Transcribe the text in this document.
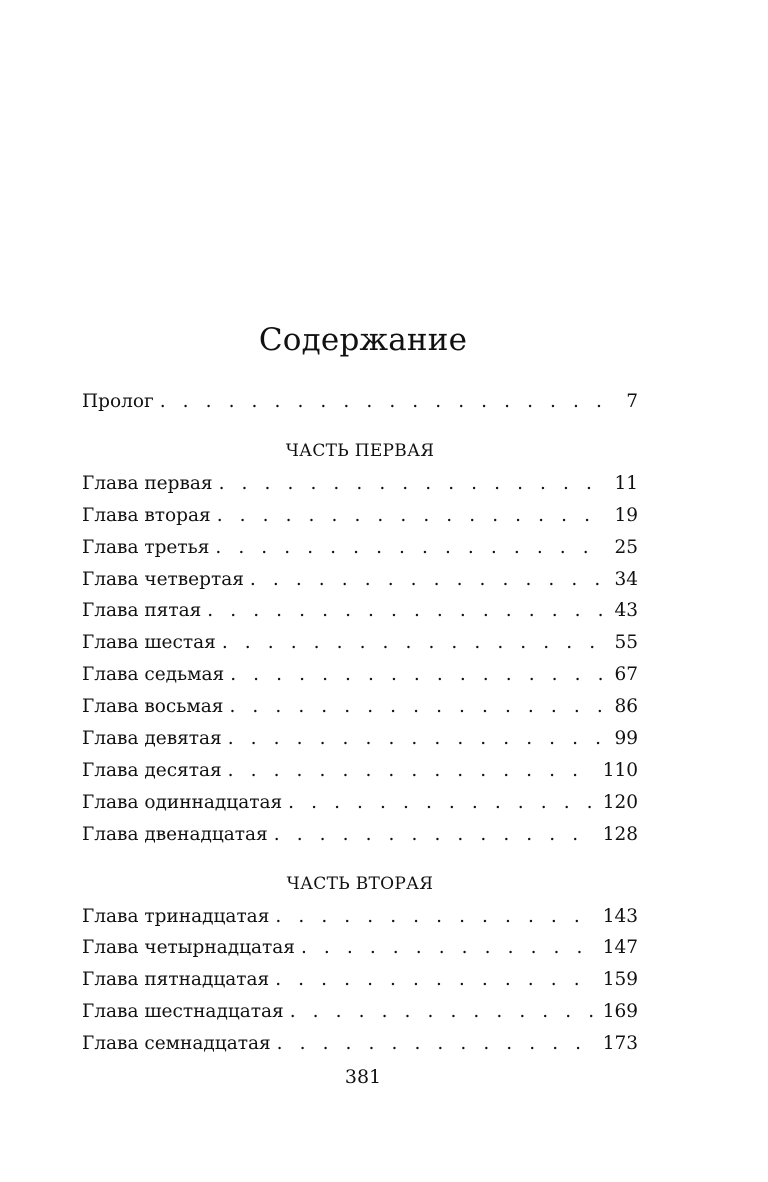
Содержание
Пролог . . .	7
ЧАСТЬ ПЕРВАЯ
Глава первая . . .	11
Глава вторая . . .	19
Глава третья . . .	25
Глава четвертая . . .	34
Глава пятая . . .	43
Глава шестая . . .	55
Глава седьмая . . .	67
Глава восьмая . . .	86
Глава девятая . . .	99
Глава десятая . . .	110
Глава одиннадцатая . . .	120
Глава двенадцатая . . .	128
ЧАСТЬ ВТОРАЯ
Глава тринадцатая . . .	143
Глава четырнадцатая . . .	147
Глава пятнадцатая . . .	159
Глава шестнадцатая . . .	169
Глава семнадцатая . . .	173
381
